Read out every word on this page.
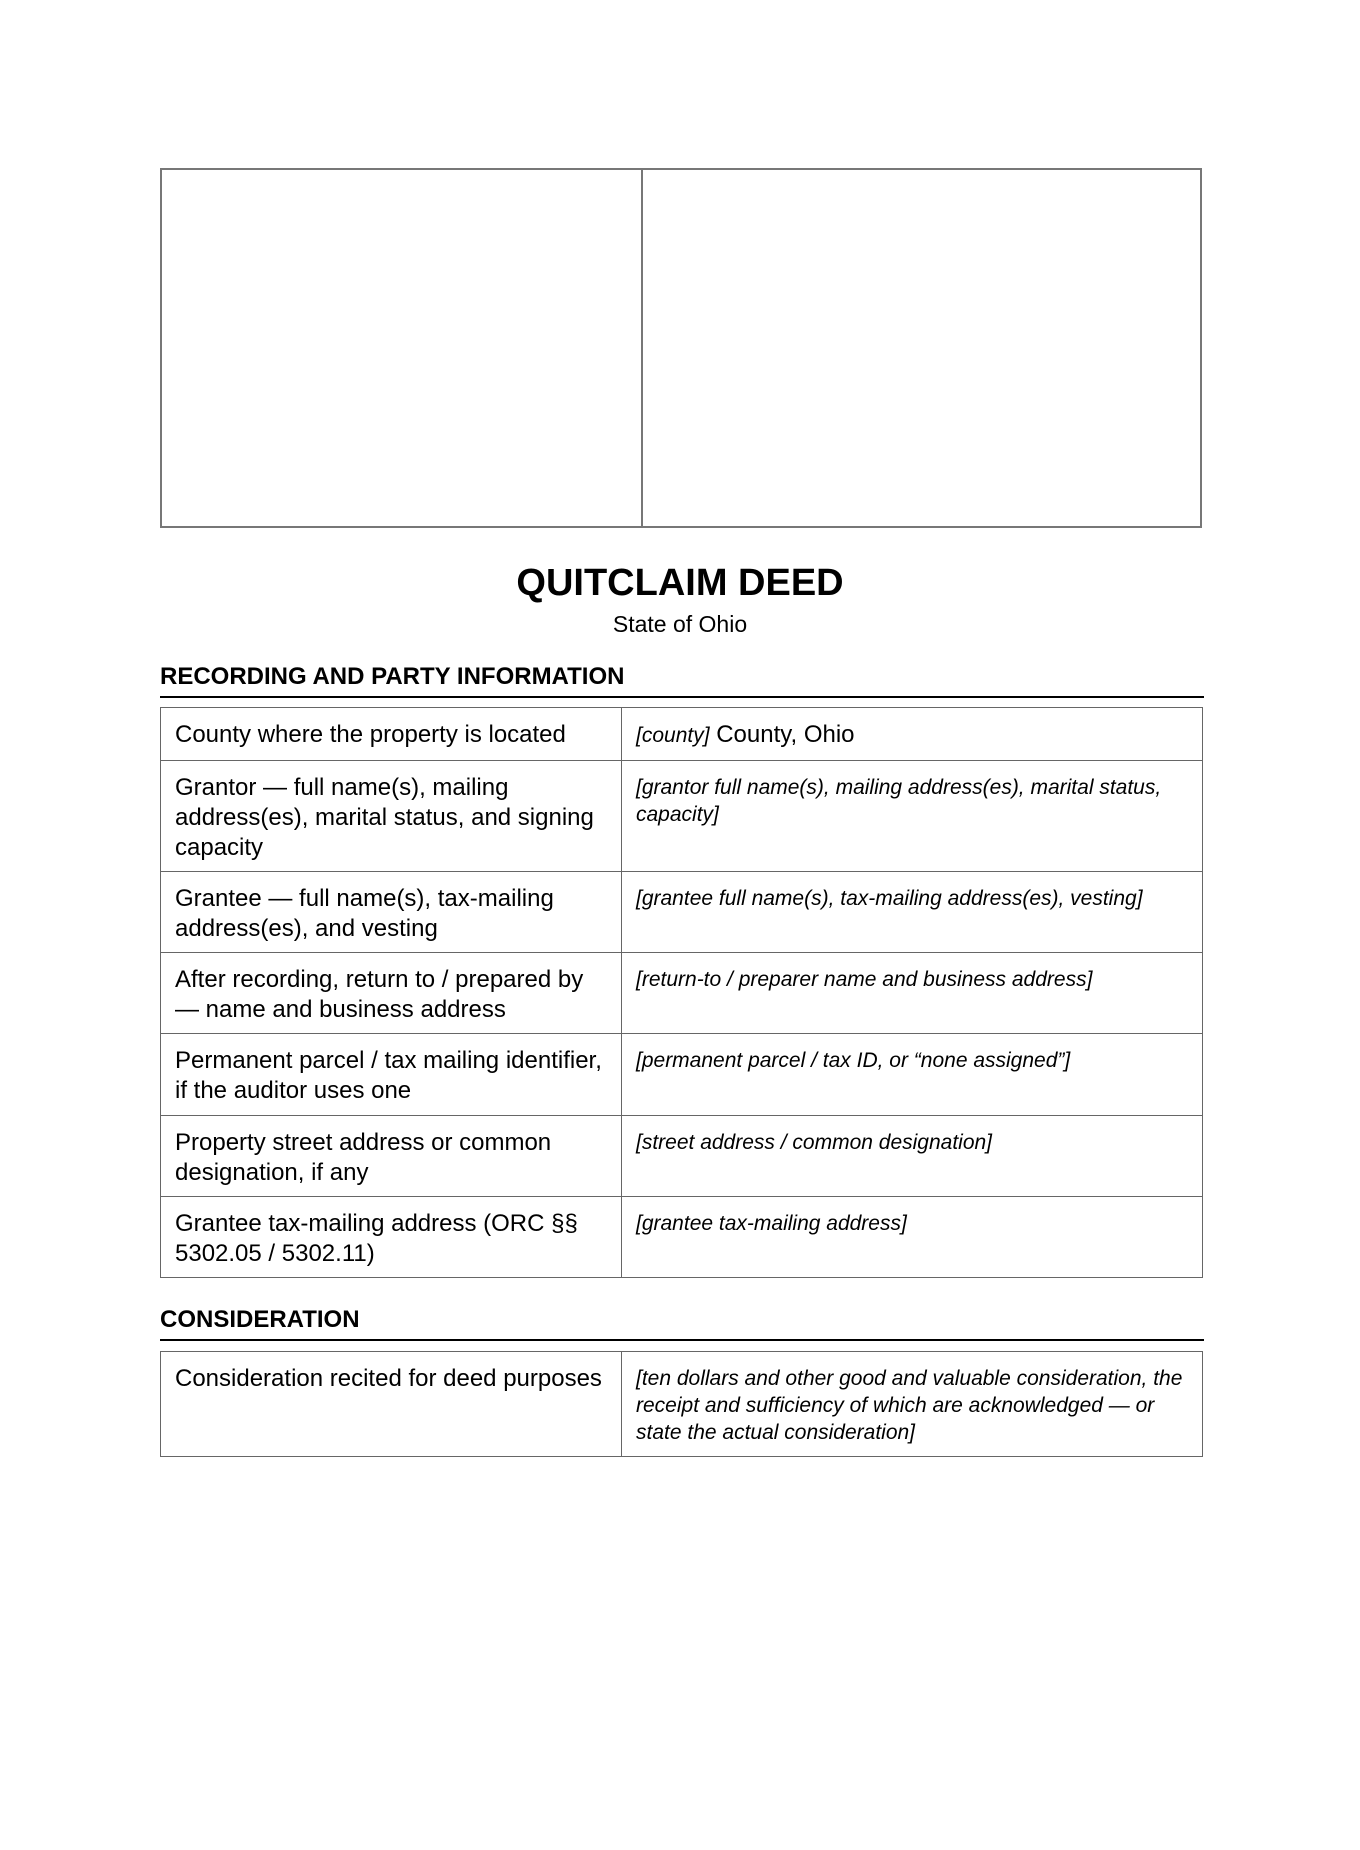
QUITCLAIM DEED
State of Ohio
RECORDING AND PARTY INFORMATION
County where the property is located	[county] County, Ohio
Grantor — full name(s), mailing address(es), marital status, and signing capacity	[grantor full name(s), mailing address(es), marital status, capacity]
Grantee — full name(s), tax-mailing address(es), and vesting	[grantee full name(s), tax-mailing address(es), vesting]
After recording, return to / prepared by — name and business address	[return-to / preparer name and business address]
Permanent parcel / tax mailing identifier, if the auditor uses one	[permanent parcel / tax ID, or “none assigned”]
Property street address or common designation, if any	[street address / common designation]
Grantee tax-mailing address (ORC §§ 5302.05 / 5302.11)	[grantee tax-mailing address]
CONSIDERATION
Consideration recited for deed purposes	[ten dollars and other good and valuable consideration, the receipt and sufficiency of which are acknowledged — or state the actual consideration]
